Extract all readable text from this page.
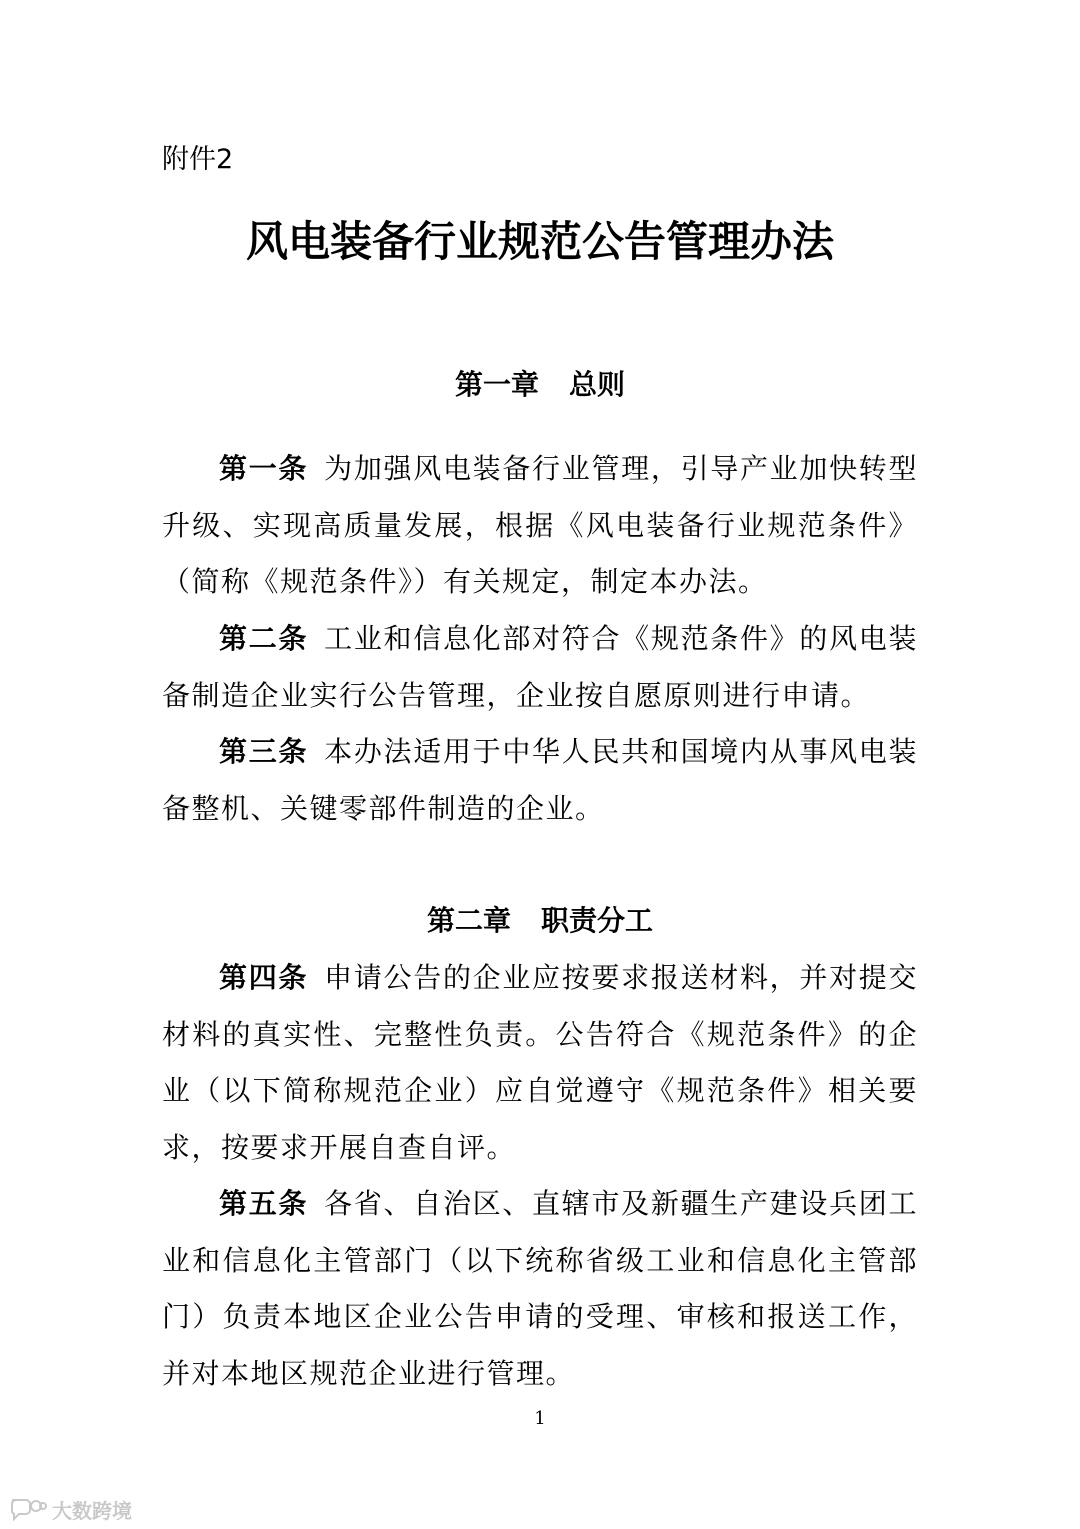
附件2
风电装备行业规范公告管理办法
第一章 总则

第一条 为加强风电装备行业管理，引导产业加快转型升级、实现高质量发展，根据《风电装备行业规范条件》（简称《规范条件》）有关规定，制定本办法。

第二条 工业和信息化部对符合《规范条件》的风电装备制造企业实行公告管理，企业按自愿原则进行申请。

第三条 本办法适用于中华人民共和国境内从事风电装备整机、关键零部件制造的企业。

第二章 职责分工

第四条 申请公告的企业应按要求报送材料，并对提交材料的真实性、完整性负责。公告符合《规范条件》的企业（以下简称规范企业）应自觉遵守《规范条件》相关要求，按要求开展自查自评。

第五条 各省、自治区、直辖市及新疆生产建设兵团工业和信息化主管部门（以下统称省级工业和信息化主管部门）负责本地区企业公告申请的受理、审核和报送工作，并对本地区规范企业进行管理。

1
大数跨境
